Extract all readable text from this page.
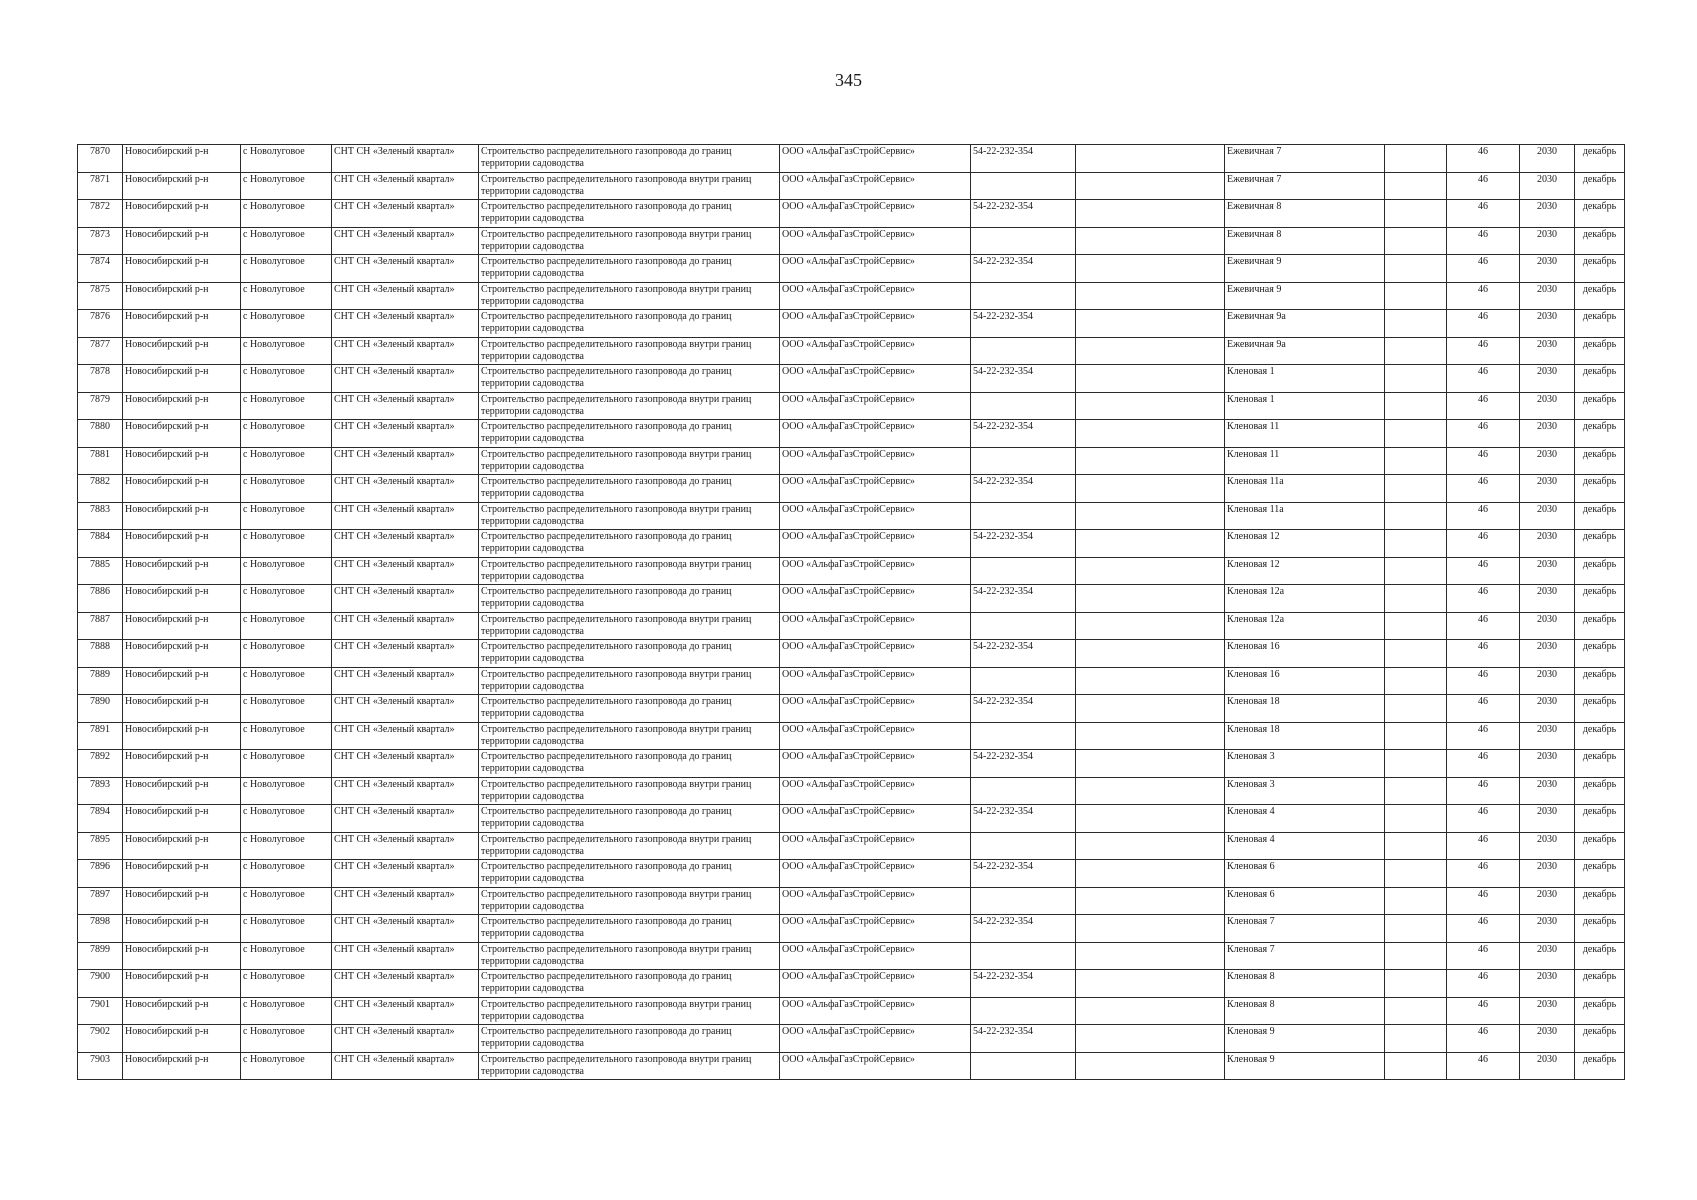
345
7870	Новосибирский р-н	с Новолуговое	СНТ СН «Зеленый квартал»	Строительство распределительного газопровода до границ территории садоводства	ООО «АльфаГазСтройСервис»	54-22-232-354		Ежевичная 7		46	2030	декабрь
7871	Новосибирский р-н	с Новолуговое	СНТ СН «Зеленый квартал»	Строительство распределительного газопровода внутри границ территории садоводства	ООО «АльфаГазСтройСервис»			Ежевичная 7		46	2030	декабрь
7872	Новосибирский р-н	с Новолуговое	СНТ СН «Зеленый квартал»	Строительство распределительного газопровода до границ территории садоводства	ООО «АльфаГазСтройСервис»	54-22-232-354		Ежевичная 8		46	2030	декабрь
7873	Новосибирский р-н	с Новолуговое	СНТ СН «Зеленый квартал»	Строительство распределительного газопровода внутри границ территории садоводства	ООО «АльфаГазСтройСервис»			Ежевичная 8		46	2030	декабрь
7874	Новосибирский р-н	с Новолуговое	СНТ СН «Зеленый квартал»	Строительство распределительного газопровода до границ территории садоводства	ООО «АльфаГазСтройСервис»	54-22-232-354		Ежевичная 9		46	2030	декабрь
7875	Новосибирский р-н	с Новолуговое	СНТ СН «Зеленый квартал»	Строительство распределительного газопровода внутри границ территории садоводства	ООО «АльфаГазСтройСервис»			Ежевичная 9		46	2030	декабрь
7876	Новосибирский р-н	с Новолуговое	СНТ СН «Зеленый квартал»	Строительство распределительного газопровода до границ территории садоводства	ООО «АльфаГазСтройСервис»	54-22-232-354		Ежевичная 9а		46	2030	декабрь
7877	Новосибирский р-н	с Новолуговое	СНТ СН «Зеленый квартал»	Строительство распределительного газопровода внутри границ территории садоводства	ООО «АльфаГазСтройСервис»			Ежевичная 9а		46	2030	декабрь
7878	Новосибирский р-н	с Новолуговое	СНТ СН «Зеленый квартал»	Строительство распределительного газопровода до границ территории садоводства	ООО «АльфаГазСтройСервис»	54-22-232-354		Кленовая 1		46	2030	декабрь
7879	Новосибирский р-н	с Новолуговое	СНТ СН «Зеленый квартал»	Строительство распределительного газопровода внутри границ территории садоводства	ООО «АльфаГазСтройСервис»			Кленовая 1		46	2030	декабрь
7880	Новосибирский р-н	с Новолуговое	СНТ СН «Зеленый квартал»	Строительство распределительного газопровода до границ территории садоводства	ООО «АльфаГазСтройСервис»	54-22-232-354		Кленовая 11		46	2030	декабрь
7881	Новосибирский р-н	с Новолуговое	СНТ СН «Зеленый квартал»	Строительство распределительного газопровода внутри границ территории садоводства	ООО «АльфаГазСтройСервис»			Кленовая 11		46	2030	декабрь
7882	Новосибирский р-н	с Новолуговое	СНТ СН «Зеленый квартал»	Строительство распределительного газопровода до границ территории садоводства	ООО «АльфаГазСтройСервис»	54-22-232-354		Кленовая 11а		46	2030	декабрь
7883	Новосибирский р-н	с Новолуговое	СНТ СН «Зеленый квартал»	Строительство распределительного газопровода внутри границ территории садоводства	ООО «АльфаГазСтройСервис»			Кленовая 11а		46	2030	декабрь
7884	Новосибирский р-н	с Новолуговое	СНТ СН «Зеленый квартал»	Строительство распределительного газопровода до границ территории садоводства	ООО «АльфаГазСтройСервис»	54-22-232-354		Кленовая 12		46	2030	декабрь
7885	Новосибирский р-н	с Новолуговое	СНТ СН «Зеленый квартал»	Строительство распределительного газопровода внутри границ территории садоводства	ООО «АльфаГазСтройСервис»			Кленовая 12		46	2030	декабрь
7886	Новосибирский р-н	с Новолуговое	СНТ СН «Зеленый квартал»	Строительство распределительного газопровода до границ территории садоводства	ООО «АльфаГазСтройСервис»	54-22-232-354		Кленовая 12а		46	2030	декабрь
7887	Новосибирский р-н	с Новолуговое	СНТ СН «Зеленый квартал»	Строительство распределительного газопровода внутри границ территории садоводства	ООО «АльфаГазСтройСервис»			Кленовая 12а		46	2030	декабрь
7888	Новосибирский р-н	с Новолуговое	СНТ СН «Зеленый квартал»	Строительство распределительного газопровода до границ территории садоводства	ООО «АльфаГазСтройСервис»	54-22-232-354		Кленовая 16		46	2030	декабрь
7889	Новосибирский р-н	с Новолуговое	СНТ СН «Зеленый квартал»	Строительство распределительного газопровода внутри границ территории садоводства	ООО «АльфаГазСтройСервис»			Кленовая 16		46	2030	декабрь
7890	Новосибирский р-н	с Новолуговое	СНТ СН «Зеленый квартал»	Строительство распределительного газопровода до границ территории садоводства	ООО «АльфаГазСтройСервис»	54-22-232-354		Кленовая 18		46	2030	декабрь
7891	Новосибирский р-н	с Новолуговое	СНТ СН «Зеленый квартал»	Строительство распределительного газопровода внутри границ территории садоводства	ООО «АльфаГазСтройСервис»			Кленовая 18		46	2030	декабрь
7892	Новосибирский р-н	с Новолуговое	СНТ СН «Зеленый квартал»	Строительство распределительного газопровода до границ территории садоводства	ООО «АльфаГазСтройСервис»	54-22-232-354		Кленовая 3		46	2030	декабрь
7893	Новосибирский р-н	с Новолуговое	СНТ СН «Зеленый квартал»	Строительство распределительного газопровода внутри границ территории садоводства	ООО «АльфаГазСтройСервис»			Кленовая 3		46	2030	декабрь
7894	Новосибирский р-н	с Новолуговое	СНТ СН «Зеленый квартал»	Строительство распределительного газопровода до границ территории садоводства	ООО «АльфаГазСтройСервис»	54-22-232-354		Кленовая 4		46	2030	декабрь
7895	Новосибирский р-н	с Новолуговое	СНТ СН «Зеленый квартал»	Строительство распределительного газопровода внутри границ территории садоводства	ООО «АльфаГазСтройСервис»			Кленовая 4		46	2030	декабрь
7896	Новосибирский р-н	с Новолуговое	СНТ СН «Зеленый квартал»	Строительство распределительного газопровода до границ территории садоводства	ООО «АльфаГазСтройСервис»	54-22-232-354		Кленовая 6		46	2030	декабрь
7897	Новосибирский р-н	с Новолуговое	СНТ СН «Зеленый квартал»	Строительство распределительного газопровода внутри границ территории садоводства	ООО «АльфаГазСтройСервис»			Кленовая 6		46	2030	декабрь
7898	Новосибирский р-н	с Новолуговое	СНТ СН «Зеленый квартал»	Строительство распределительного газопровода до границ территории садоводства	ООО «АльфаГазСтройСервис»	54-22-232-354		Кленовая 7		46	2030	декабрь
7899	Новосибирский р-н	с Новолуговое	СНТ СН «Зеленый квартал»	Строительство распределительного газопровода внутри границ территории садоводства	ООО «АльфаГазСтройСервис»			Кленовая 7		46	2030	декабрь
7900	Новосибирский р-н	с Новолуговое	СНТ СН «Зеленый квартал»	Строительство распределительного газопровода до границ территории садоводства	ООО «АльфаГазСтройСервис»	54-22-232-354		Кленовая 8		46	2030	декабрь
7901	Новосибирский р-н	с Новолуговое	СНТ СН «Зеленый квартал»	Строительство распределительного газопровода внутри границ территории садоводства	ООО «АльфаГазСтройСервис»			Кленовая 8		46	2030	декабрь
7902	Новосибирский р-н	с Новолуговое	СНТ СН «Зеленый квартал»	Строительство распределительного газопровода до границ территории садоводства	ООО «АльфаГазСтройСервис»	54-22-232-354		Кленовая 9		46	2030	декабрь
7903	Новосибирский р-н	с Новолуговое	СНТ СН «Зеленый квартал»	Строительство распределительного газопровода внутри границ территории садоводства	ООО «АльфаГазСтройСервис»			Кленовая 9		46	2030	декабрь
